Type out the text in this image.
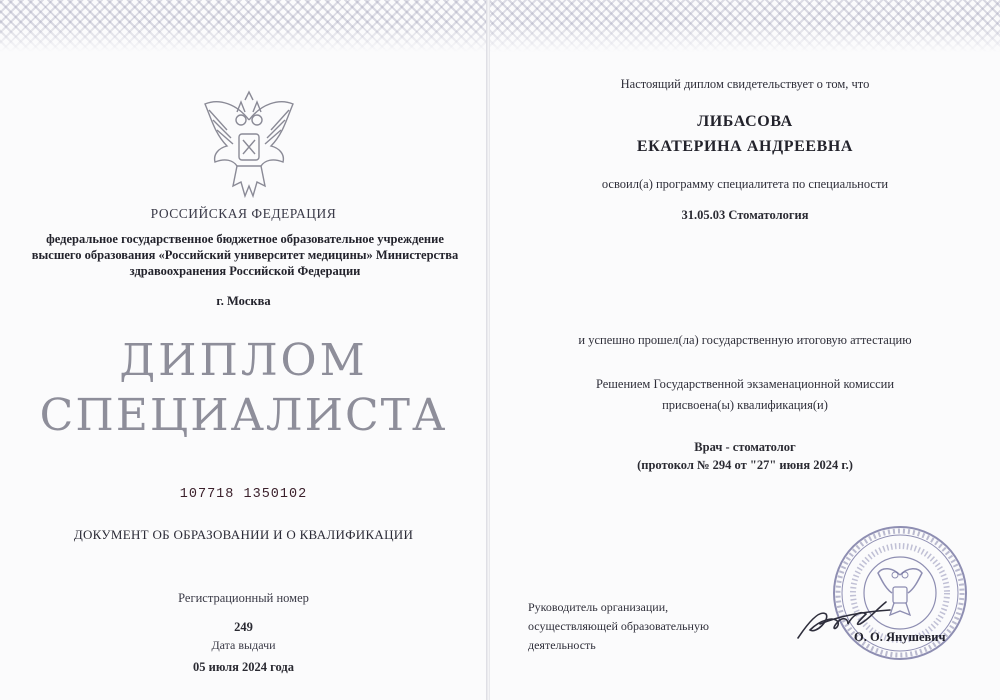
РОССИЙСКАЯ ФЕДЕРАЦИЯ

федеральное государственное бюджетное образовательное учреждение
высшего образования «Российский университет медицины» Министерства
здравоохранения Российской Федерации

г. Москва

ДИПЛОМ

СПЕЦИАЛИСТА

107718 1350102

ДОКУМЕНТ ОБ ОБРАЗОВАНИИ И О КВАЛИФИКАЦИИ

Регистрационный номер

249

Дата выдачи

05 июля 2024 года

Настоящий диплом свидетельствует о том, что

ЛИБАСОВА

ЕКАТЕРИНА АНДРЕЕВНА

освоил(а) программу специалитета по специальности

31.05.03 Стоматология

и успешно прошел(ла) государственную итоговую аттестацию

Решением Государственной экзаменационной комиссии

присвоена(ы) квалификация(и)

Врач - стоматолог

(протокол № 294 от "27" июня 2024 г.)

Руководитель организации,
осуществляющей образовательную
деятельность

О. О. Янушевич
